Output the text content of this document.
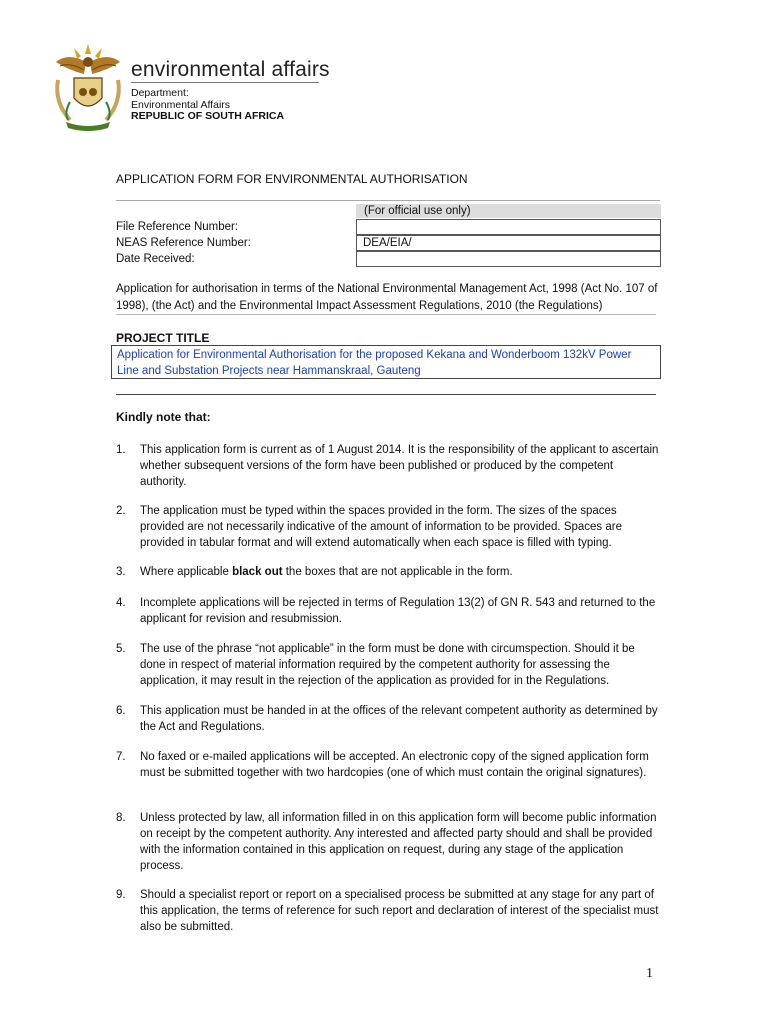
environmental affairs
Department:
Environmental Affairs
REPUBLIC OF SOUTH AFRICA
APPLICATION FORM FOR ENVIRONMENTAL AUTHORISATION
(For official use only)
DEA/EIA/
File Reference Number:
NEAS Reference Number:
Date Received:
Application for authorisation in terms of the National Environmental Management Act, 1998 (Act No. 107 of 1998), (the Act) and the Environmental Impact Assessment Regulations, 2010 (the Regulations)
PROJECT TITLE
Application for Environmental Authorisation for the proposed Kekana and Wonderboom 132kV Power Line and Substation Projects near Hammanskraal, Gauteng
Kindly note that:
1. This application form is current as of 1 August 2014. It is the responsibility of the applicant to ascertain whether subsequent versions of the form have been published or produced by the competent authority.
2. The application must be typed within the spaces provided in the form. The sizes of the spaces provided are not necessarily indicative of the amount of information to be provided. Spaces are provided in tabular format and will extend automatically when each space is filled with typing.
3. Where applicable black out the boxes that are not applicable in the form.
4. Incomplete applications will be rejected in terms of Regulation 13(2) of GN R. 543 and returned to the applicant for revision and resubmission.
5. The use of the phrase “not applicable” in the form must be done with circumspection. Should it be done in respect of material information required by the competent authority for assessing the application, it may result in the rejection of the application as provided for in the Regulations.
6. This application must be handed in at the offices of the relevant competent authority as determined by the Act and Regulations.
7. No faxed or e-mailed applications will be accepted. An electronic copy of the signed application form must be submitted together with two hardcopies (one of which must contain the original signatures).
8. Unless protected by law, all information filled in on this application form will become public information on receipt by the competent authority. Any interested and affected party should and shall be provided with the information contained in this application on request, during any stage of the application process.
9. Should a specialist report or report on a specialised process be submitted at any stage for any part of this application, the terms of reference for such report and declaration of interest of the specialist must also be submitted.
1
